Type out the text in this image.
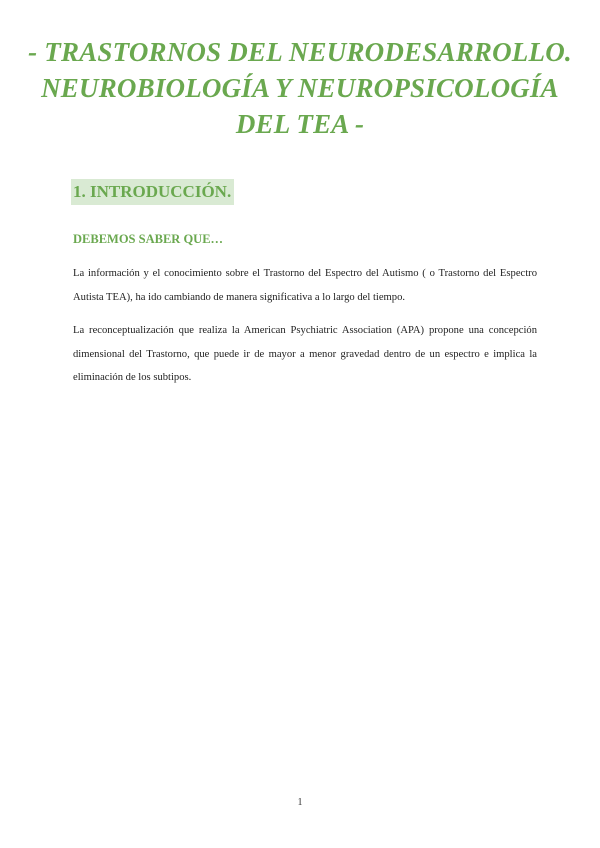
- TRASTORNOS DEL NEURODESARROLLO.
NEUROBIOLOGÍA Y NEUROPSICOLOGÍA
DEL TEA -
1. INTRODUCCIÓN.
DEBEMOS SABER QUE…

La información y el conocimiento sobre el Trastorno del Espectro del Autismo ( o Trastorno del Espectro Autista TEA), ha ido cambiando de manera significativa a lo largo del tiempo.

La reconceptualización que realiza la American Psychiatric Association (APA) propone una concepción dimensional del Trastorno, que puede ir de mayor a menor gravedad dentro de un espectro e implica la eliminación de los subtipos.

1
